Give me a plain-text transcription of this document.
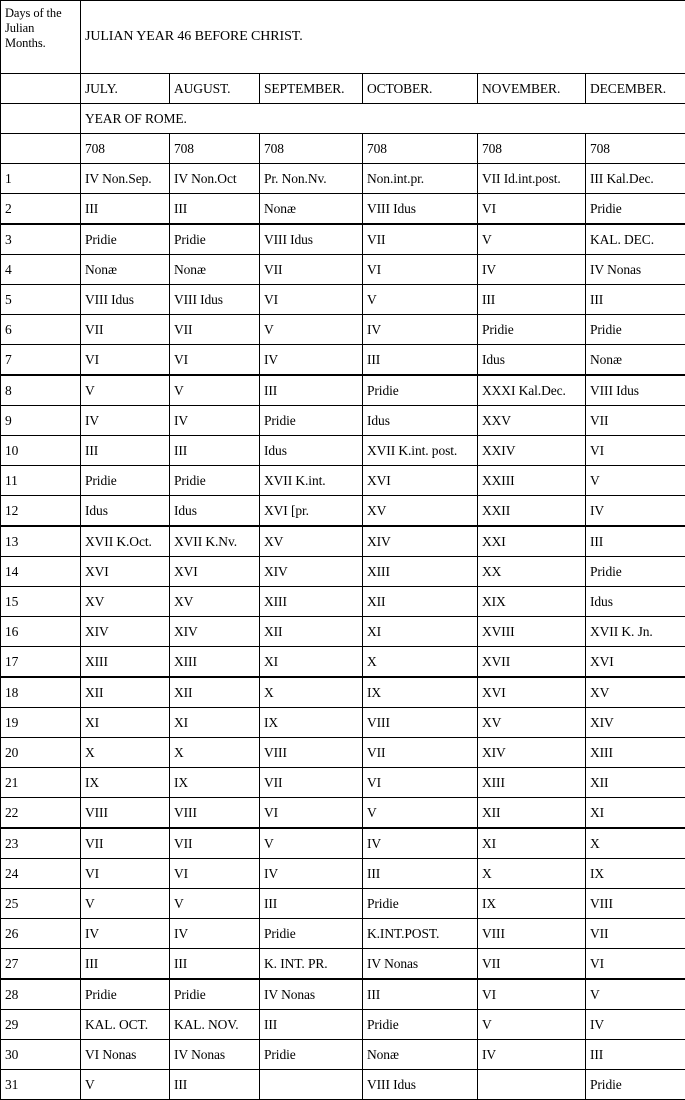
Days of the Julian Months.	JULIAN YEAR 46 BEFORE CHRIST.					
	JULY.	AUGUST.	SEPTEMBER.	OCTOBER.	NOVEMBER.	DECEMBER.
	YEAR OF ROME.					
	708	708	708	708	708	708
1	IV Non.Sep.	IV Non.Oct	Pr. Non.Nv.	Non.int.pr.	VII Id.int.post.	III Kal.Dec.
2	III	III	Nonæ	VIII Idus	VI	Pridie
3	Pridie	Pridie	VIII Idus	VII	V	KAL. DEC.
4	Nonæ	Nonæ	VII	VI	IV	IV Nonas
5	VIII Idus	VIII Idus	VI	V	III	III
6	VII	VII	V	IV	Pridie	Pridie
7	VI	VI	IV	III	Idus	Nonæ
8	V	V	III	Pridie	XXXI Kal.Dec.	VIII Idus
9	IV	IV	Pridie	Idus	XXV	VII
10	III	III	Idus	XVII K.int. post.	XXIV	VI
11	Pridie	Pridie	XVII K.int.	XVI	XXIII	V
12	Idus	Idus	XVI [pr.	XV	XXII	IV
13	XVII K.Oct.	XVII K.Nv.	XV	XIV	XXI	III
14	XVI	XVI	XIV	XIII	XX	Pridie
15	XV	XV	XIII	XII	XIX	Idus
16	XIV	XIV	XII	XI	XVIII	XVII K. Jn.
17	XIII	XIII	XI	X	XVII	XVI
18	XII	XII	X	IX	XVI	XV
19	XI	XI	IX	VIII	XV	XIV
20	X	X	VIII	VII	XIV	XIII
21	IX	IX	VII	VI	XIII	XII
22	VIII	VIII	VI	V	XII	XI
23	VII	VII	V	IV	XI	X
24	VI	VI	IV	III	X	IX
25	V	V	III	Pridie	IX	VIII
26	IV	IV	Pridie	K.INT.POST.	VIII	VII
27	III	III	K. INT. PR.	IV Nonas	VII	VI
28	Pridie	Pridie	IV Nonas	III	VI	V
29	KAL. OCT.	KAL. NOV.	III	Pridie	V	IV
30	VI Nonas	IV Nonas	Pridie	Nonæ	IV	III
31	V	III		VIII Idus		Pridie
